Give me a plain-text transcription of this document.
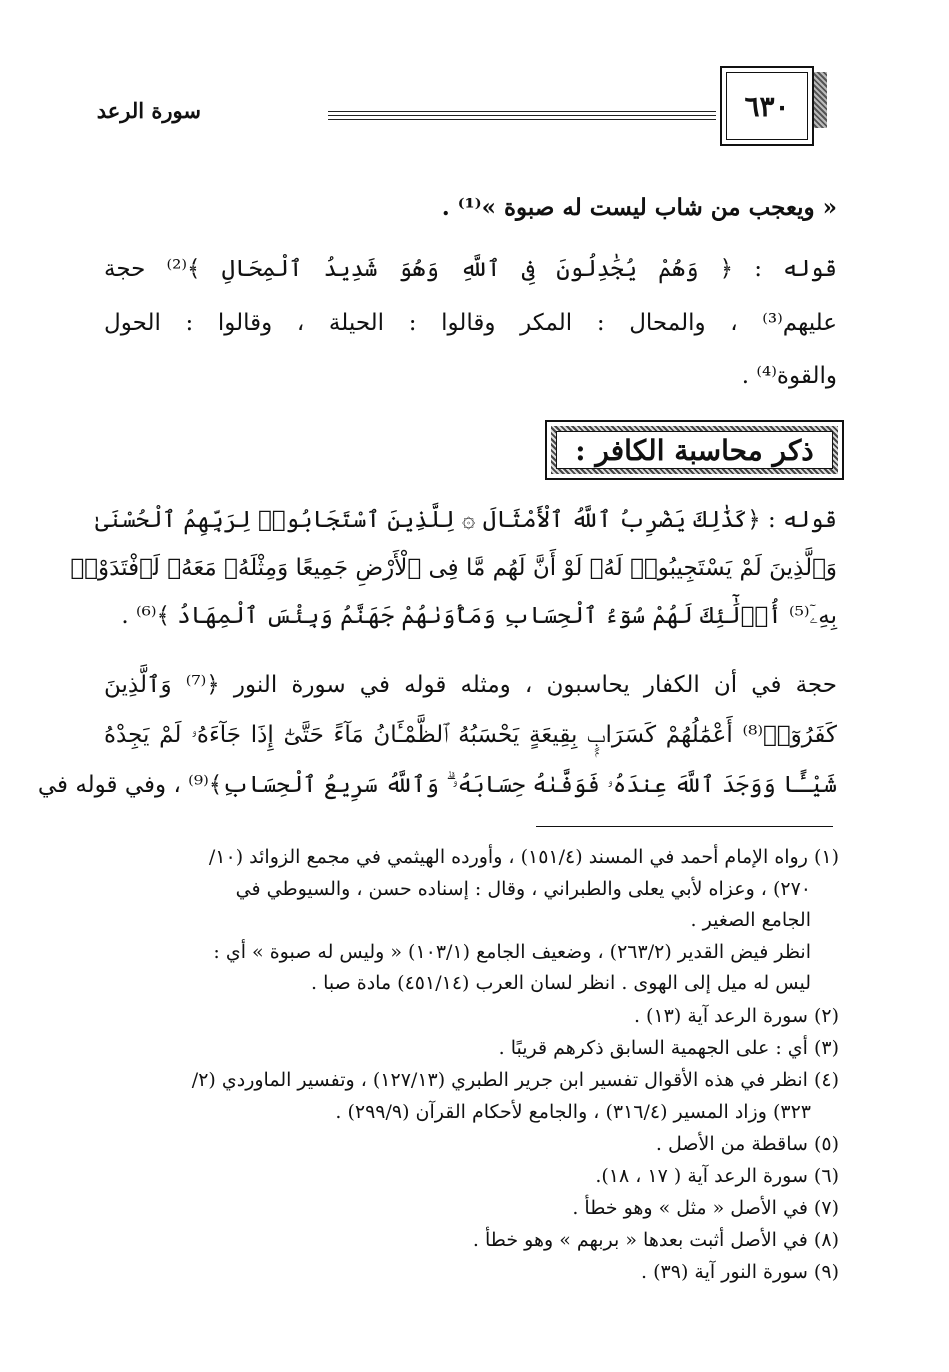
سورة الرعد	٦٣٠
« ويعجب من شاب ليست له صبوة »⁽¹⁾ .
قوله : ﴿ وَهُمْ يُجَٰدِلُونَ فِى ٱللَّهِ وَهُوَ شَدِيدُ ٱلْمِحَالِ ﴾⁽²⁾ حجة
عليهم⁽³⁾ ، والمحال : المكر وقالوا : الحيلة ، وقالوا : الحول
والقوة⁽⁴⁾ .
ذكر محاسبة الكافر :
قوله : ﴿كَذَٰلِكَ يَضْرِبُ ٱللَّهُ ٱلْأَمْثَالَ ۞ لِلَّذِينَ ٱسْتَجَابُوا۟ لِرَبِّهِمُ ٱلْحُسْنَىٰ
وَٱلَّذِينَ لَمْ يَسْتَجِيبُوا۟ لَهُۥ لَوْ أَنَّ لَهُم مَّا فِى ٱلْأَرْضِ جَمِيعًا وَمِثْلَهُۥ مَعَهُۥ لَٱفْتَدَوْا۟
بِهِۦٓ⁽⁵⁾ أُو۟لَٰٓئِكَ لَهُمْ سُوٓءُ ٱلْحِسَابِ وَمَأْوَىٰهُمْ جَهَنَّمُ وَبِئْسَ ٱلْمِهَادُ ﴾⁽⁶⁾ .
حجة في أن الكفار يحاسبون ، ومثله قوله في سورة النور ﴿⁽⁷⁾ وَٱلَّذِينَ
كَفَرُوٓا۟⁽⁸⁾ أَعْمَٰلُهُمْ كَسَرَابٍۭ بِقِيعَةٍ يَحْسَبُهُ ٱلظَّمْـَٔانُ مَآءً حَتَّىٰٓ إِذَا جَآءَهُۥ لَمْ يَجِدْهُ
شَيْـًٔا وَوَجَدَ ٱللَّهَ عِندَهُۥ فَوَفَّىٰهُ حِسَابَهُۥ ۗ وَٱللَّهُ سَرِيعُ ٱلْحِسَابِ﴾⁽⁹⁾ ، وفي قوله في
(١) رواه الإمام أحمد في المسند (١٥١/٤) ، وأورده الهيثمي في مجمع الزوائد (١٠/
٢٧٠) ، وعزاه لأبي يعلى والطبراني ، وقال : إسناده حسن ، والسيوطي في
الجامع الصغير .
انظر فيض القدير (٢٦٣/٢) ، وضعيف الجامع (١٠٣/١) « وليس له صبوة » أي :
ليس له ميل إلى الهوى . انظر لسان العرب (٤٥١/١٤) مادة صبا .
(٢) سورة الرعد آية (١٣) .
(٣) أي : على الجهمية السابق ذكرهم قريبًا .
(٤) انظر في هذه الأقوال تفسير ابن جرير الطبري (١٢٧/١٣) ، وتفسير الماوردي (٢/
٣٢٣) وزاد المسير (٣١٦/٤) ، والجامع لأحكام القرآن (٢٩٩/٩) .
(٥) ساقطة من الأصل .
(٦) سورة الرعد آية ( ١٧ ، ١٨).
(٧) في الأصل « مثل » وهو خطأ .
(٨) في الأصل أثبت بعدها « بربهم » وهو خطأ .
(٩) سورة النور آية (٣٩) .
